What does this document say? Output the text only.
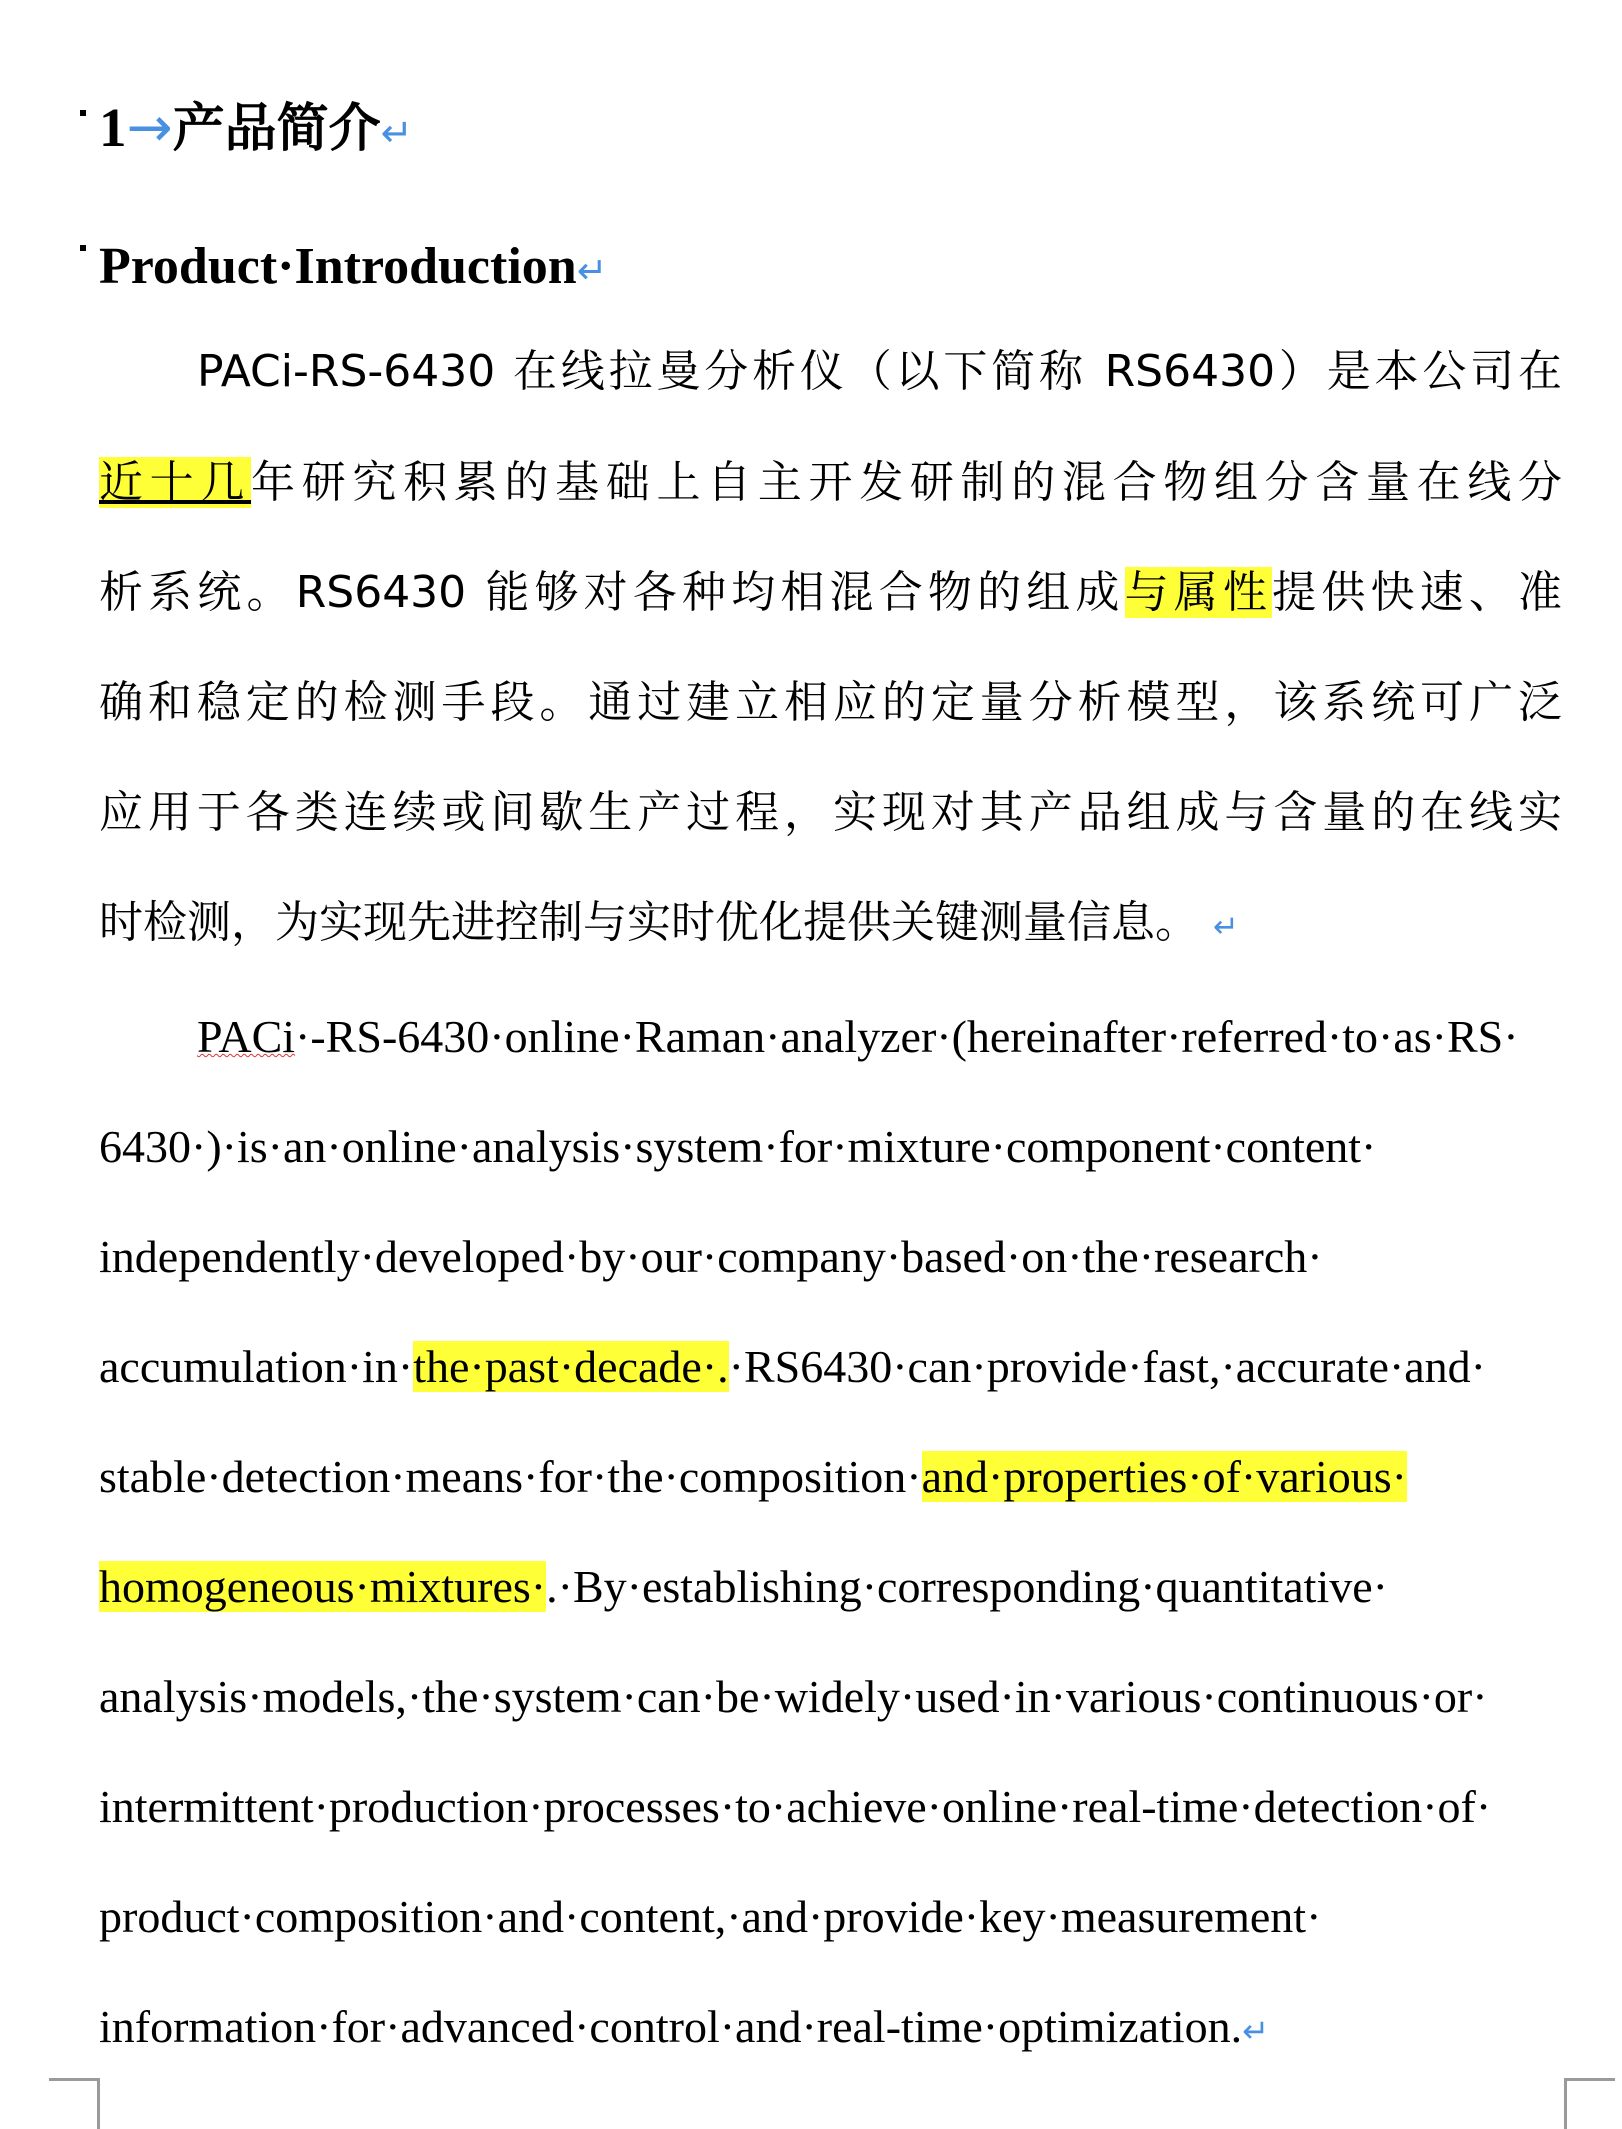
1→产品简介↵
Product·Introduction↵
PACi-RS-6430 在线拉曼分析仪（以下简称 RS6430）是本公司在
近十几年研究积累的基础上自主开发研制的混合物组分含量在线分
析系统。RS6430 能够对各种均相混合物的组成与属性提供快速、准
确和稳定的检测手段。通过建立相应的定量分析模型，该系统可广泛
应用于各类连续或间歇生产过程，实现对其产品组成与含量的在线实
时检测，为实现先进控制与实时优化提供关键测量信息。 ↵
PACi·-RS-6430·online·Raman·analyzer·(hereinafter·referred·to·as·RS·
6430·)·is·an·online·analysis·system·for·mixture·component·content·
independently·developed·by·our·company·based·on·the·research·
accumulation·in·the·past·decade·.·RS6430·can·provide·fast,·accurate·and·
stable·detection·means·for·the·composition·and·properties·of·various·
homogeneous·mixtures·.·By·establishing·corresponding·quantitative·
analysis·models,·the·system·can·be·widely·used·in·various·continuous·or·
intermittent·production·processes·to·achieve·online·real-time·detection·of·
product·composition·and·content,·and·provide·key·measurement·
information·for·advanced·control·and·real-time·optimization.↵
